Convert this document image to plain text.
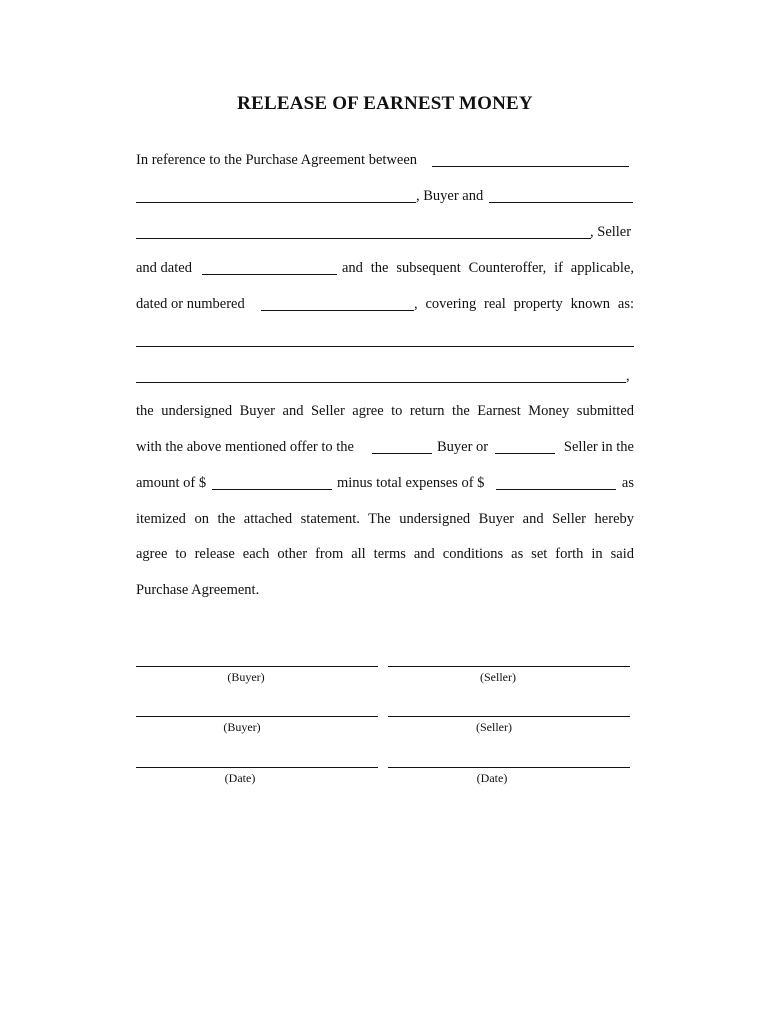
RELEASE OF EARNEST MONEY
In reference to the Purchase Agreement between
, Buyer and
, Seller
and dated	and the subsequent Counteroffer, if applicable,
dated or numbered	, covering real property known as:
,
the undersigned Buyer and Seller agree to return the Earnest Money submitted
with the above mentioned offer to the	Buyer or	Seller in the
amount of $	minus total expenses of $	as
itemized on the attached statement. The undersigned Buyer and Seller hereby
agree to release each other from all terms and conditions as set forth in said
Purchase Agreement.
(Buyer)	(Seller)
(Buyer)	(Seller)
(Date)	(Date)
